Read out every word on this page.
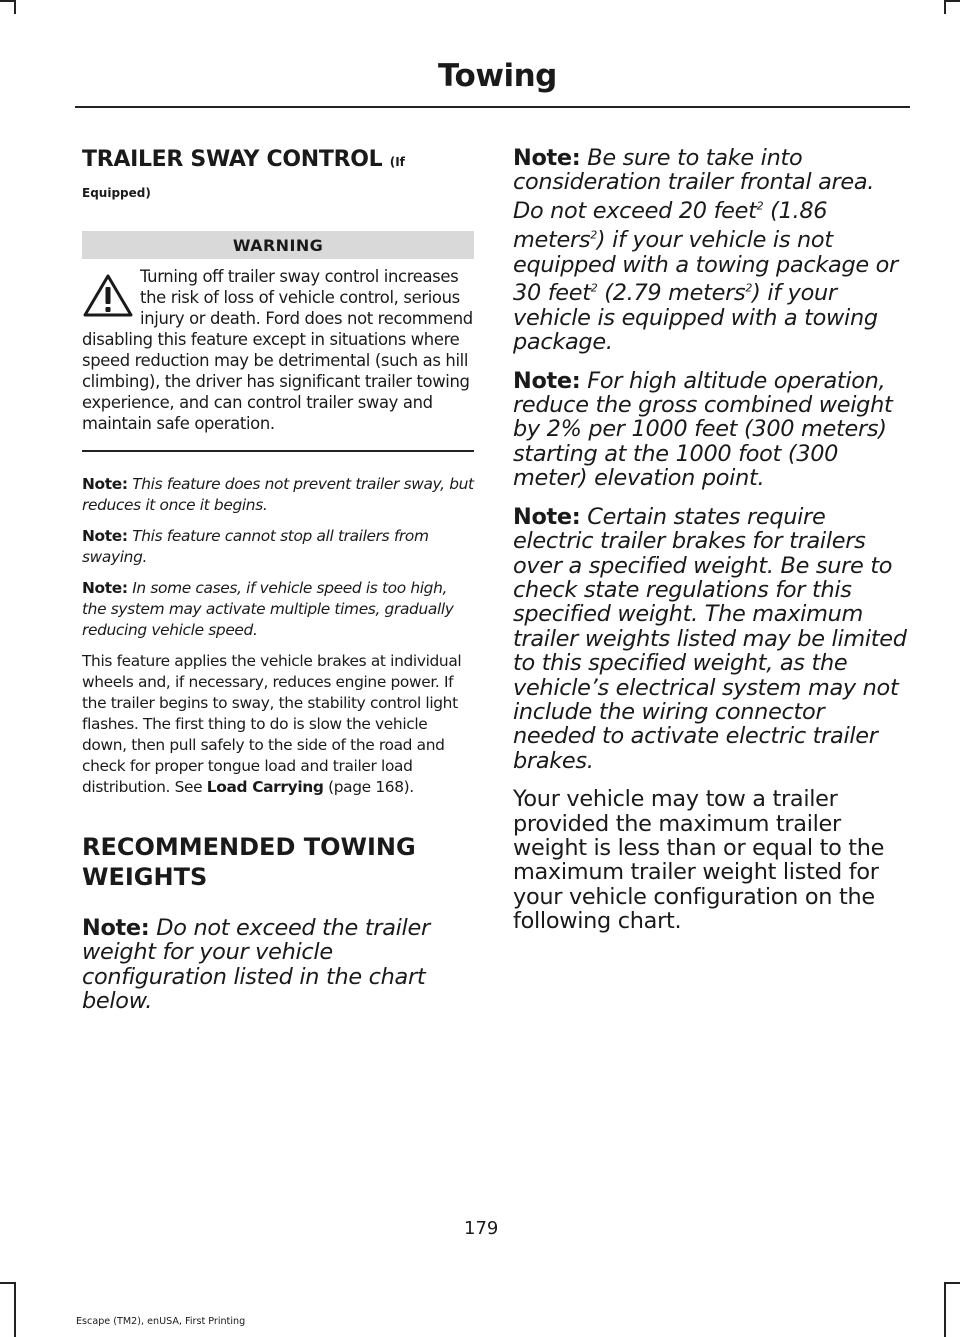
Towing
TRAILER SWAY CONTROL (If
Equipped)
WARNING
Turning off trailer sway control increases the risk of loss of vehicle control, serious injury or death. Ford does not recommend disabling this feature except in situations where speed reduction may be detrimental (such as hill climbing), the driver has significant trailer towing experience, and can control trailer sway and maintain safe operation.

Note: This feature does not prevent trailer sway, but reduces it once it begins.

Note: This feature cannot stop all trailers from swaying.

Note: In some cases, if vehicle speed is too high, the system may activate multiple times, gradually reducing vehicle speed.

This feature applies the vehicle brakes at individual wheels and, if necessary, reduces engine power. If the trailer begins to sway, the stability control light flashes. The first thing to do is slow the vehicle down, then pull safely to the side of the road and check for proper tongue load and trailer load distribution. See Load Carrying (page 168).

RECOMMENDED TOWING
WEIGHTS

Note: Do not exceed the trailer weight for your vehicle configuration listed in the chart below.

Note: Be sure to take into consideration trailer frontal area. Do not exceed 20 feet$^2$ (1.86 meters$^2$) if your vehicle is not equipped with a towing package or 30 feet$^2$ (2.79 meters$^2$) if your vehicle is equipped with a towing package.

Note: For high altitude operation, reduce the gross combined weight by 2% per 1000 feet (300 meters) starting at the 1000 foot (300 meter) elevation point.

Note: Certain states require electric trailer brakes for trailers over a specified weight. Be sure to check state regulations for this specified weight. The maximum trailer weights listed may be limited to this specified weight, as the vehicle’s electrical system may not include the wiring connector needed to activate electric trailer brakes.

Your vehicle may tow a trailer provided the maximum trailer weight is less than or equal to the maximum trailer weight listed for your vehicle configuration on the following chart.

179
Escape (TM2), enUSA, First Printing
